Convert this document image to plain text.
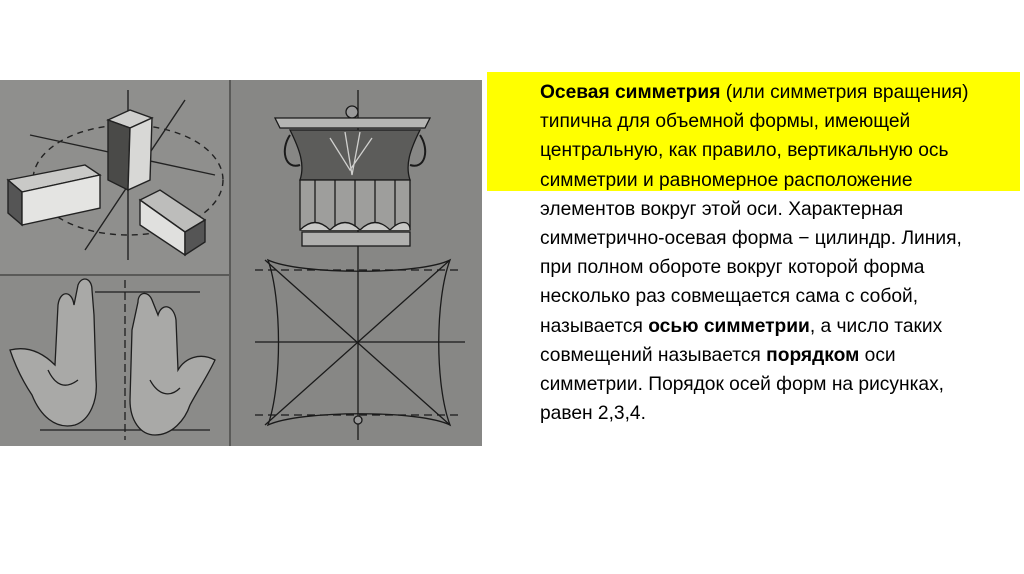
Осевая симметрия (или симметрия вращения) типична для объемной формы, имеющей центральную, как правило, вертикальную ось симметрии и равномерное расположение элементов вокруг этой оси. Характерная симметрично-осевая форма − цилиндр. Линия, при полном обороте вокруг которой форма несколько раз совмещается сама с собой, называется осью симметрии, а число таких совмещений называется порядком оси симметрии. Порядок осей форм на рисунках, равен 2,3,4.
